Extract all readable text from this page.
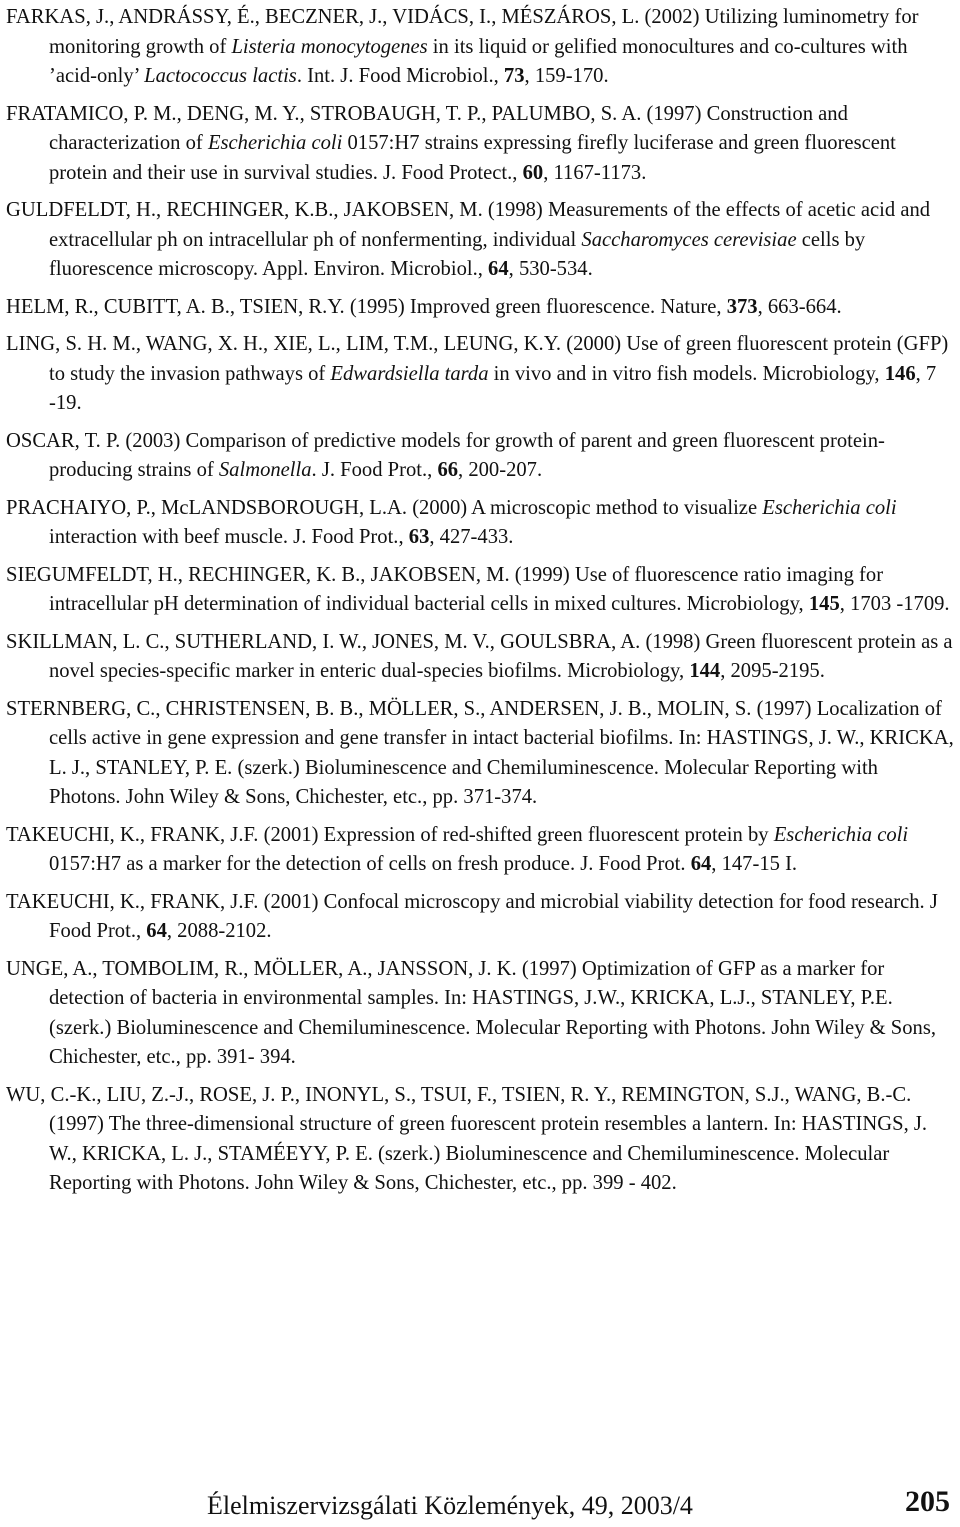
FARKAS, J., ANDRÁSSY, É., BECZNER, J., VIDÁCS, I., MÉSZÁROS, L. (2002) Utilizing luminometry for monitoring growth of Listeria monocytogenes in its liquid or gelified monocultures and co-cultures with ’acid-only’ Lactococcus lactis. Int. J. Food Microbiol., 73, 159-170.

FRATAMICO, P. M., DENG, M. Y., STROBAUGH, T. P., PALUMBO, S. A. (1997) Construction and characterization of Escherichia coli 0157:H7 strains expressing firefly luciferase and green fluorescent protein and their use in survival studies. J. Food Protect., 60, 1167-1173.

GULDFELDT, H., RECHINGER, K.B., JAKOBSEN, M. (1998) Measurements of the effects of acetic acid and extracellular ph on intracellular ph of nonfermenting, individual Saccharomyces cerevisiae cells by fluorescence microscopy. Appl. Environ. Microbiol., 64, 530-534.

HELM, R., CUBITT, A. B., TSIEN, R.Y. (1995) Improved green fluorescence. Nature, 373, 663-664.

LING, S. H. M., WANG, X. H., XIE, L., LIM, T.M., LEUNG, K.Y. (2000) Use of green fluorescent protein (GFP) to study the invasion pathways of Edwardsiella tarda in vivo and in vitro fish models. Microbiology, 146, 7 -19.

OSCAR, T. P. (2003) Comparison of predictive models for growth of parent and green fluorescent protein-producing strains of Salmonella. J. Food Prot., 66, 200-207.

PRACHAIYO, P., McLANDSBOROUGH, L.A. (2000) A microscopic method to visualize Escherichia coli interaction with beef muscle. J. Food Prot., 63, 427-433.

SIEGUMFELDT, H., RECHINGER, K. B., JAKOBSEN, M. (1999) Use of fluorescence ratio imaging for intracellular pH determination of individual bacterial cells in mixed cultures. Microbiology, 145, 1703 -1709.

SKILLMAN, L. C., SUTHERLAND, I. W., JONES, M. V., GOULSBRA, A. (1998) Green fluorescent protein as a novel species-specific marker in enteric dual-species biofilms. Microbiology, 144, 2095-2195.

STERNBERG, C., CHRISTENSEN, B. B., MÖLLER, S., ANDERSEN, J. B., MOLIN, S. (1997) Localization of cells active in gene expression and gene transfer in intact bacterial biofilms. In: HASTINGS, J. W., KRICKA, L. J., STANLEY, P. E. (szerk.) Bioluminescence and Chemiluminescence. Molecular Reporting with Photons. John Wiley & Sons, Chichester, etc., pp. 371-374.

TAKEUCHI, K., FRANK, J.F. (2001) Expression of red-shifted green fluorescent protein by Escherichia coli 0157:H7 as a marker for the detection of cells on fresh produce. J. Food Prot. 64, 147-15 I.

TAKEUCHI, K., FRANK, J.F. (2001) Confocal microscopy and microbial viability detection for food research. J Food Prot., 64, 2088-2102.

UNGE, A., TOMBOLIM, R., MÖLLER, A., JANSSON, J. K. (1997) Optimization of GFP as a marker for detection of bacteria in environmental samples. In: HASTINGS, J.W., KRICKA, L.J., STANLEY, P.E. (szerk.) Bioluminescence and Chemiluminescence. Molecular Reporting with Photons. John Wiley & Sons, Chichester, etc., pp. 391- 394.

WU, C.-K., LIU, Z.-J., ROSE, J. P., INONYL, S., TSUI, F., TSIEN, R. Y., REMINGTON, S.J., WANG, B.-C. (1997) The three-dimensional structure of green fuorescent protein resembles a lantern. In: HASTINGS, J. W., KRICKA, L. J., STAMÉEYY, P. E. (szerk.) Bioluminescence and Chemiluminescence. Molecular Reporting with Photons. John Wiley & Sons, Chichester, etc., pp. 399 - 402.

Élelmiszervizsgálati Közlemények, 49, 2003/4	205
